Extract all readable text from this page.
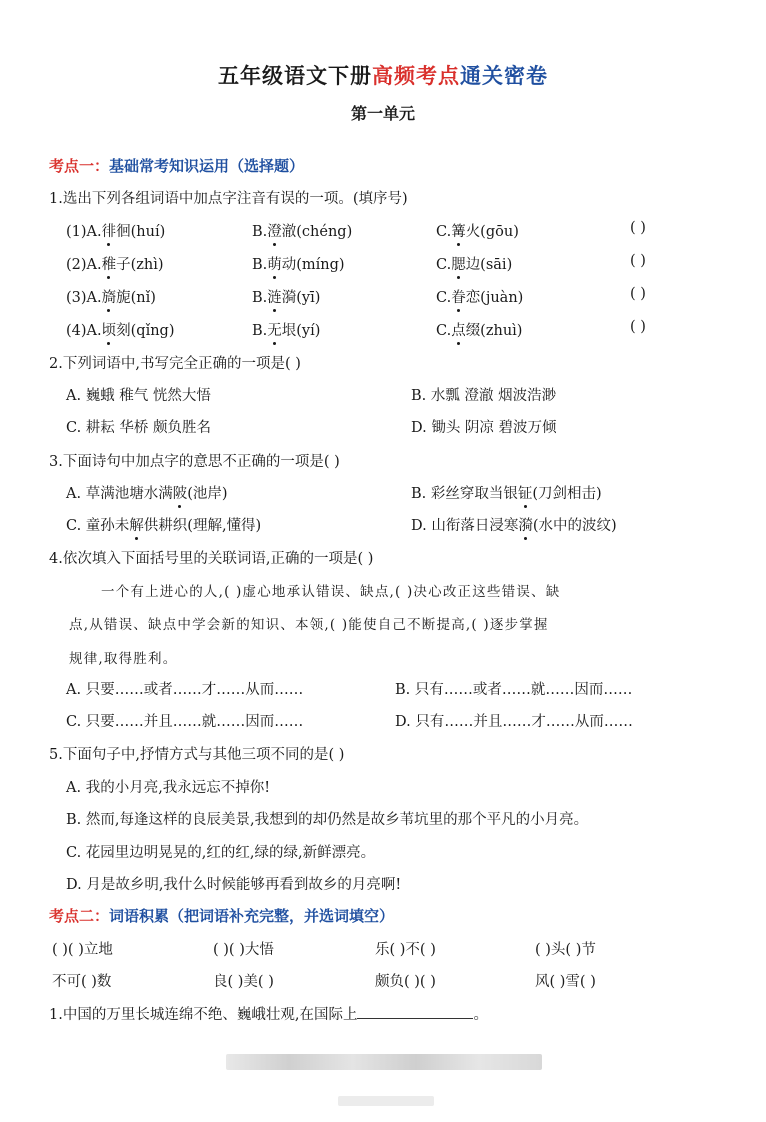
五年级语文下册高频考点通关密卷
第一单元
考点一：基础常考知识运用（选择题）
1.选出下列各组词语中加点字注音有误的一项。(填序号)
(1)A.徘徊(huí)	B.澄澈(chéng)	C.篝火(gōu)	( )
(2)A.稚子(zhì)	B.萌动(míng)	C.腮边(sāi)	( )
(3)A.旖旎(nǐ)	B.涟漪(yī)	C.眷恋(juàn)	( )
(4)A.顷刻(qǐng)	B.无垠(yí)	C.点缀(zhuì)	( )
2.下列词语中,书写完全正确的一项是( )
A. 巍蛾 稚气 恍然大悟	B. 水瓢 澄澈 烟波浩渺
C. 耕耘 华桥 颇负胜名	D. 锄头 阴凉 碧波万倾
3.下面诗句中加点字的意思不正确的一项是( )
A. 草满池塘水满陂(池岸)	B. 彩丝穿取当银钲(刀剑相击)
C. 童孙未解供耕织(理解,懂得)	D. 山衔落日浸寒漪(水中的波纹)
4.依次填入下面括号里的关联词语,正确的一项是( )
一个有上进心的人,( )虚心地承认错误、缺点,( )决心改正这些错误、缺
点,从错误、缺点中学会新的知识、本领,( )能使自己不断提高,( )逐步掌握
规律,取得胜利。
A. 只要……或者……才……从而……	B. 只有……或者……就……因而……
C. 只要……并且……就……因而……	D. 只有……并且……才……从而……
5.下面句子中,抒情方式与其他三项不同的是( )
A. 我的小月亮,我永远忘不掉你!
B. 然而,每逢这样的良辰美景,我想到的却仍然是故乡苇坑里的那个平凡的小月亮。
C. 花园里边明晃晃的,红的红,绿的绿,新鲜漂亮。
D. 月是故乡明,我什么时候能够再看到故乡的月亮啊!
考点二：词语积累（把词语补充完整，并选词填空）
( )( )立地	( )( )大悟	乐( )不( )	( )头( )节
不可( )数	良( )美( )	颇负( )( )	风( )雪( )
1.中国的万里长城连绵不绝、巍峨壮观,在国际上	。
